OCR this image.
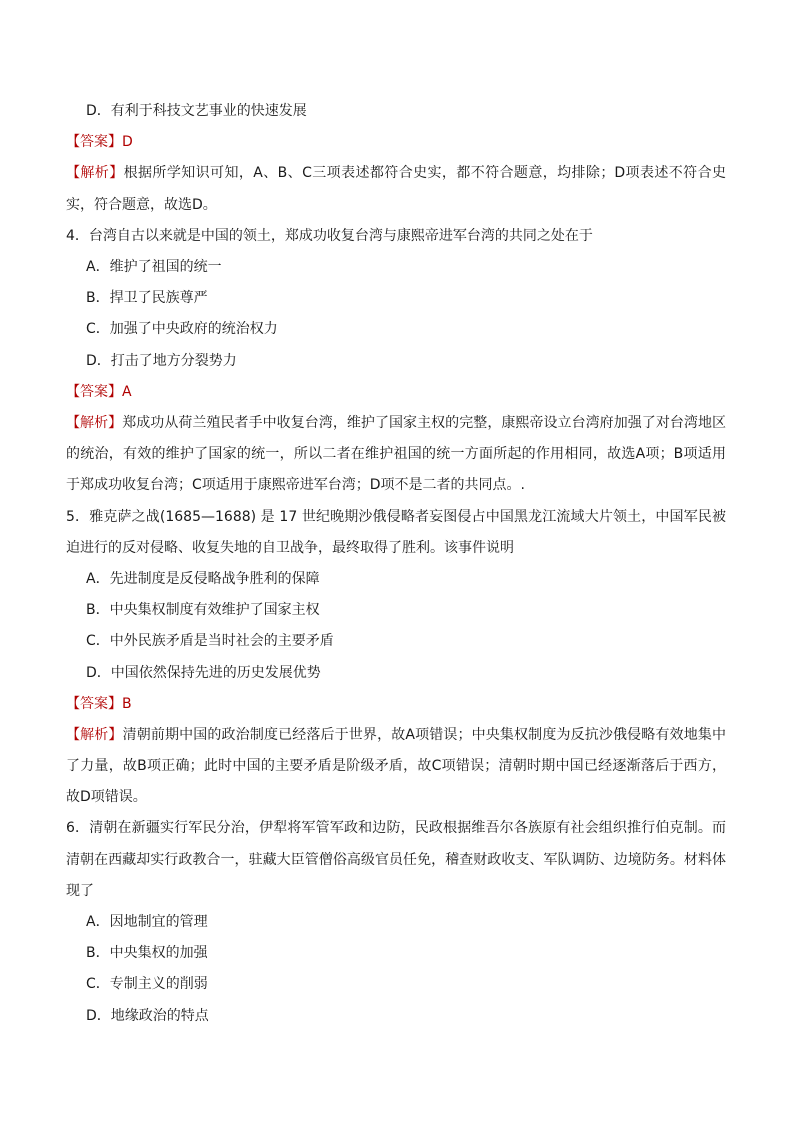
D．有利于科技文艺事业的快速发展
【答案】D
【解析】根据所学知识可知，A、B、C三项表述都符合史实，都不符合题意，均排除；D项表述不符合史实，符合题意，故选D。
4．台湾自古以来就是中国的领土，郑成功收复台湾与康熙帝进军台湾的共同之处在于
A．维护了祖国的统一
B．捍卫了民族尊严
C．加强了中央政府的统治权力
D．打击了地方分裂势力
【答案】A
【解析】郑成功从荷兰殖民者手中收复台湾，维护了国家主权的完整，康熙帝设立台湾府加强了对台湾地区的统治，有效的维护了国家的统一，所以二者在维护祖国的统一方面所起的作用相同，故选A项；B项适用于郑成功收复台湾；C项适用于康熙帝进军台湾；D项不是二者的共同点。.
5．雅克萨之战(1685—1688) 是 17 世纪晚期沙俄侵略者妄图侵占中国黑龙江流域大片领土，中国军民被迫进行的反对侵略、收复失地的自卫战争，最终取得了胜利。该事件说明
A．先进制度是反侵略战争胜利的保障
B．中央集权制度有效维护了国家主权
C．中外民族矛盾是当时社会的主要矛盾
D．中国依然保持先进的历史发展优势
【答案】B
【解析】清朝前期中国的政治制度已经落后于世界，故A项错误；中央集权制度为反抗沙俄侵略有效地集中了力量，故B项正确；此时中国的主要矛盾是阶级矛盾，故C项错误；清朝时期中国已经逐渐落后于西方，故D项错误。
6．清朝在新疆实行军民分治，伊犁将军管军政和边防，民政根据维吾尔各族原有社会组织推行伯克制。而清朝在西藏却实行政教合一，驻藏大臣管僧俗高级官员任免，稽查财政收支、军队调防、边境防务。材料体现了
A．因地制宜的管理
B．中央集权的加强
C．专制主义的削弱
D．地缘政治的特点
